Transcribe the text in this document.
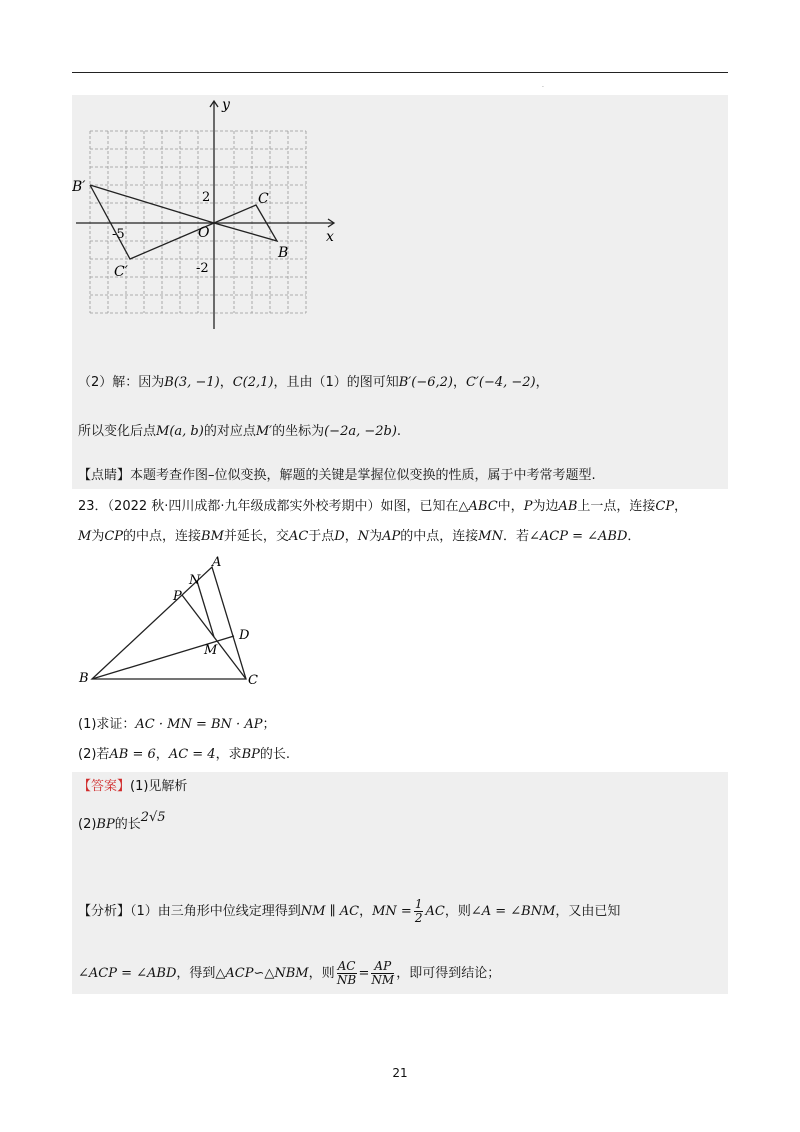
.
y
x
O
2
-2
-5
B′
C
B
C′
（2）解：因为B(3, −1)，C(2,1)，且由（1）的图可知B′(−6,2)，C′(−4, −2)，
所以变化后点M(a, b)的对应点M′的坐标为(−2a, −2b).
【点睛】本题考查作图–位似变换，解题的关键是掌握位似变换的性质，属于中考常考题型.
23．（2022 秋·四川成都·九年级成都实外校考期中）如图，已知在△ABC中，P为边AB上一点，连接CP，
M为CP的中点，连接BM并延长，交AC于点D，N为AP的中点，连接MN．若∠ACP = ∠ABD．
A
N
P
D
M
B	C
(1)求证：AC · MN = BN · AP；
(2)若AB = 6，AC = 4，求BP的长.
【答案】(1)见解析
(2)BP的长2√5
【分析】（1）由三角形中位线定理得到NM ∥ AC，MN = $\frac{1}{2}$ AC，则∠A = ∠BNM，又由已知
∠ACP = ∠ABD，得到△ACP∽△NBM，则 $\frac{AC}{NB} = \frac{AP}{NM}$ ，即可得到结论；
21
